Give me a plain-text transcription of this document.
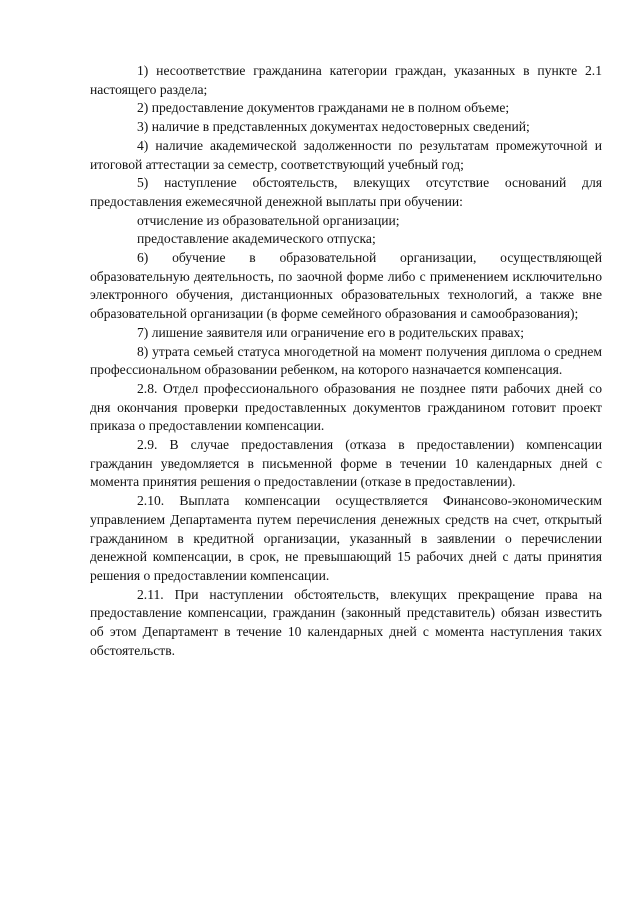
1) несоответствие гражданина категории граждан, указанных в пункте 2.1 настоящего раздела;

2) предоставление документов гражданами не в полном объеме;

3) наличие в представленных документах недостоверных сведений;

4) наличие академической задолженности по результатам промежуточной и итоговой аттестации за семестр, соответствующий учебный год;

5) наступление обстоятельств, влекущих отсутствие оснований для предоставления ежемесячной денежной выплаты при обучении:

отчисление из образовательной организации;

предоставление академического отпуска;

6) обучение в образовательной организации, осуществляющей образовательную деятельность, по заочной форме либо с применением исключительно электронного обучения, дистанционных образовательных технологий, а также вне образовательной организации (в форме семейного образования и самообразования);

7) лишение заявителя или ограничение его в родительских правах;

8) утрата семьей статуса многодетной на момент получения диплома о среднем профессиональном образовании ребенком, на которого назначается компенсация.

2.8. Отдел профессионального образования не позднее пяти рабочих дней со дня окончания проверки предоставленных документов гражданином готовит проект приказа о предоставлении компенсации.

2.9. В случае предоставления (отказа в предоставлении) компенсации гражданин уведомляется в письменной форме в течении 10 календарных дней с момента принятия решения о предоставлении (отказе в предоставлении).

2.10. Выплата компенсации осуществляется Финансово-экономическим управлением Департамента путем перечисления денежных средств на счет, открытый гражданином в кредитной организации, указанный в заявлении о перечислении денежной компенсации, в срок, не превышающий 15 рабочих дней с даты принятия решения о предоставлении компенсации.

2.11. При наступлении обстоятельств, влекущих прекращение права на предоставление компенсации, гражданин (законный представитель) обязан известить об этом Департамент в течение 10 календарных дней с момента наступления таких обстоятельств.
